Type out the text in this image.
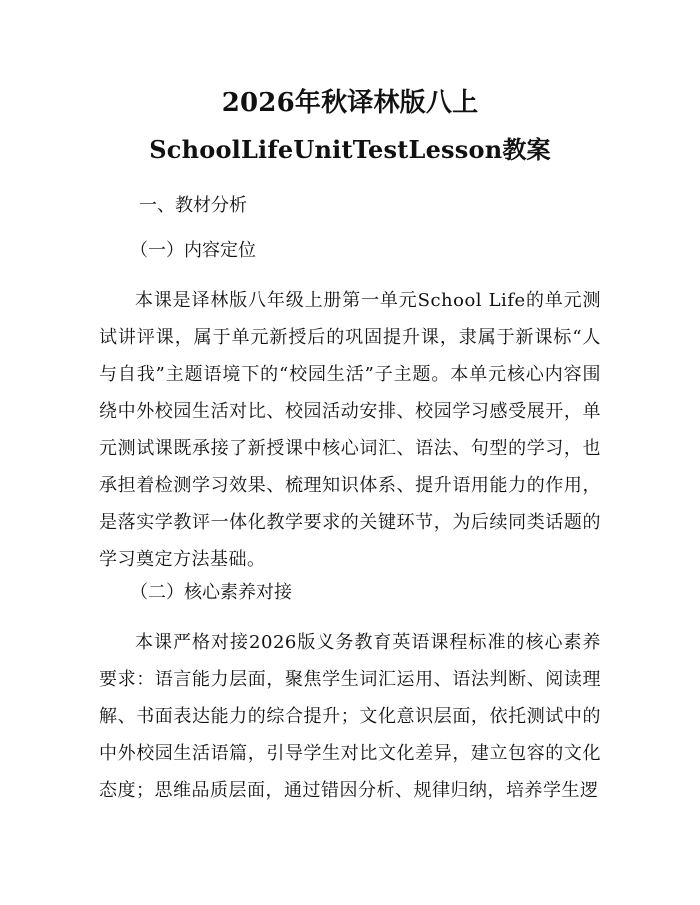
2026年秋译林版八上
SchoolLifeUnitTestLesson教案
一、教材分析
（一）内容定位

本课是译林版八年级上册第一单元School Life的单元测试讲评课，属于单元新授后的巩固提升课，隶属于新课标“人与自我”主题语境下的“校园生活”子主题。本单元核心内容围绕中外校园生活对比、校园活动安排、校园学习感受展开，单元测试课既承接了新授课中核心词汇、语法、句型的学习，也承担着检测学习效果、梳理知识体系、提升语用能力的作用，是落实学教评一体化教学要求的关键环节，为后续同类话题的学习奠定方法基础。

（二）核心素养对接

本课严格对接2026版义务教育英语课程标准的核心素养要求：语言能力层面，聚焦学生词汇运用、语法判断、阅读理解、书面表达能力的综合提升；文化意识层面，依托测试中的中外校园生活语篇，引导学生对比文化差异，建立包容的文化态度；思维品质层面，通过错因分析、规律归纳，培养学生逻
